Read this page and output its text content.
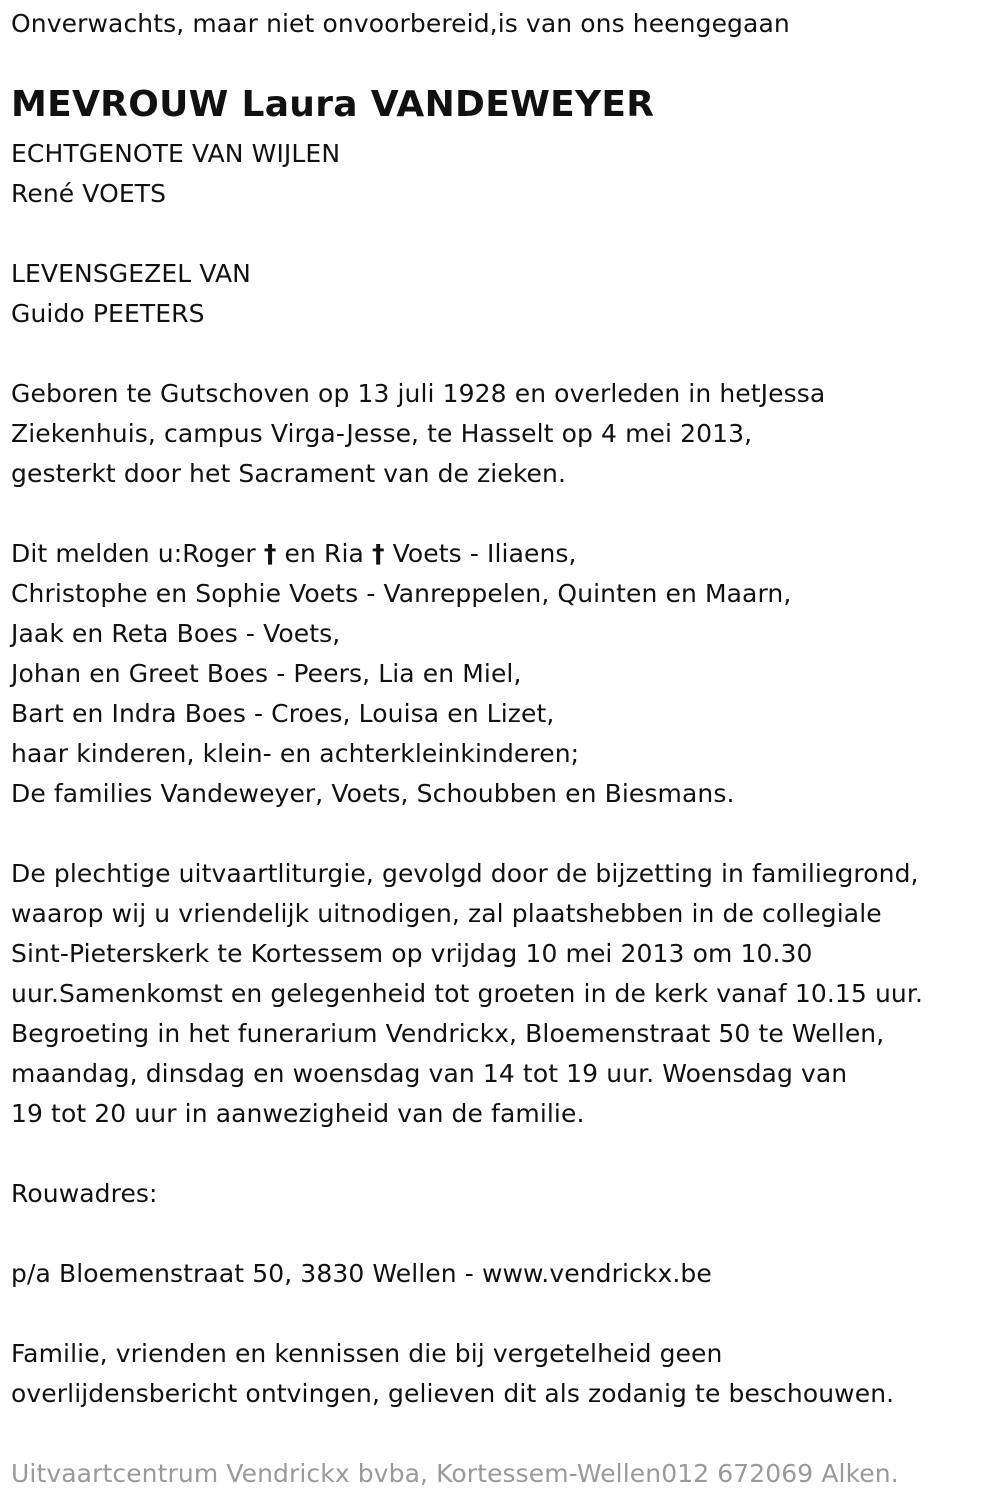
Onverwachts, maar niet onvoorbereid,is van ons heengegaan
MEVROUW Laura VANDEWEYER
ECHTGENOTE VAN WIJLEN
René VOETS
LEVENSGEZEL VAN
Guido PEETERS
Geboren te Gutschoven op 13 juli 1928 en overleden in hetJessa
Ziekenhuis, campus Virga-Jesse, te Hasselt op 4 mei 2013,
gesterkt door het Sacrament van de zieken.
Dit melden u:Roger † en Ria † Voets - Iliaens,
Christophe en Sophie Voets - Vanreppelen, Quinten en Maarn,
Jaak en Reta Boes - Voets,
Johan en Greet Boes - Peers, Lia en Miel,
Bart en Indra Boes - Croes, Louisa en Lizet,
haar kinderen, klein- en achterkleinkinderen;
De families Vandeweyer, Voets, Schoubben en Biesmans.
De plechtige uitvaartliturgie, gevolgd door de bijzetting in familiegrond,
waarop wij u vriendelijk uitnodigen, zal plaatshebben in de collegiale
Sint-Pieterskerk te Kortessem op vrijdag 10 mei 2013 om 10.30
uur.Samenkomst en gelegenheid tot groeten in de kerk vanaf 10.15 uur.
Begroeting in het funerarium Vendrickx, Bloemenstraat 50 te Wellen,
maandag, dinsdag en woensdag van 14 tot 19 uur. Woensdag van
19 tot 20 uur in aanwezigheid van de familie.
Rouwadres:
p/a Bloemenstraat 50, 3830 Wellen - www.vendrickx.be
Familie, vrienden en kennissen die bij vergetelheid geen
overlijdensbericht ontvingen, gelieven dit als zodanig te beschouwen.
Uitvaartcentrum Vendrickx bvba, Kortessem-Wellen012 672069 Alken.
